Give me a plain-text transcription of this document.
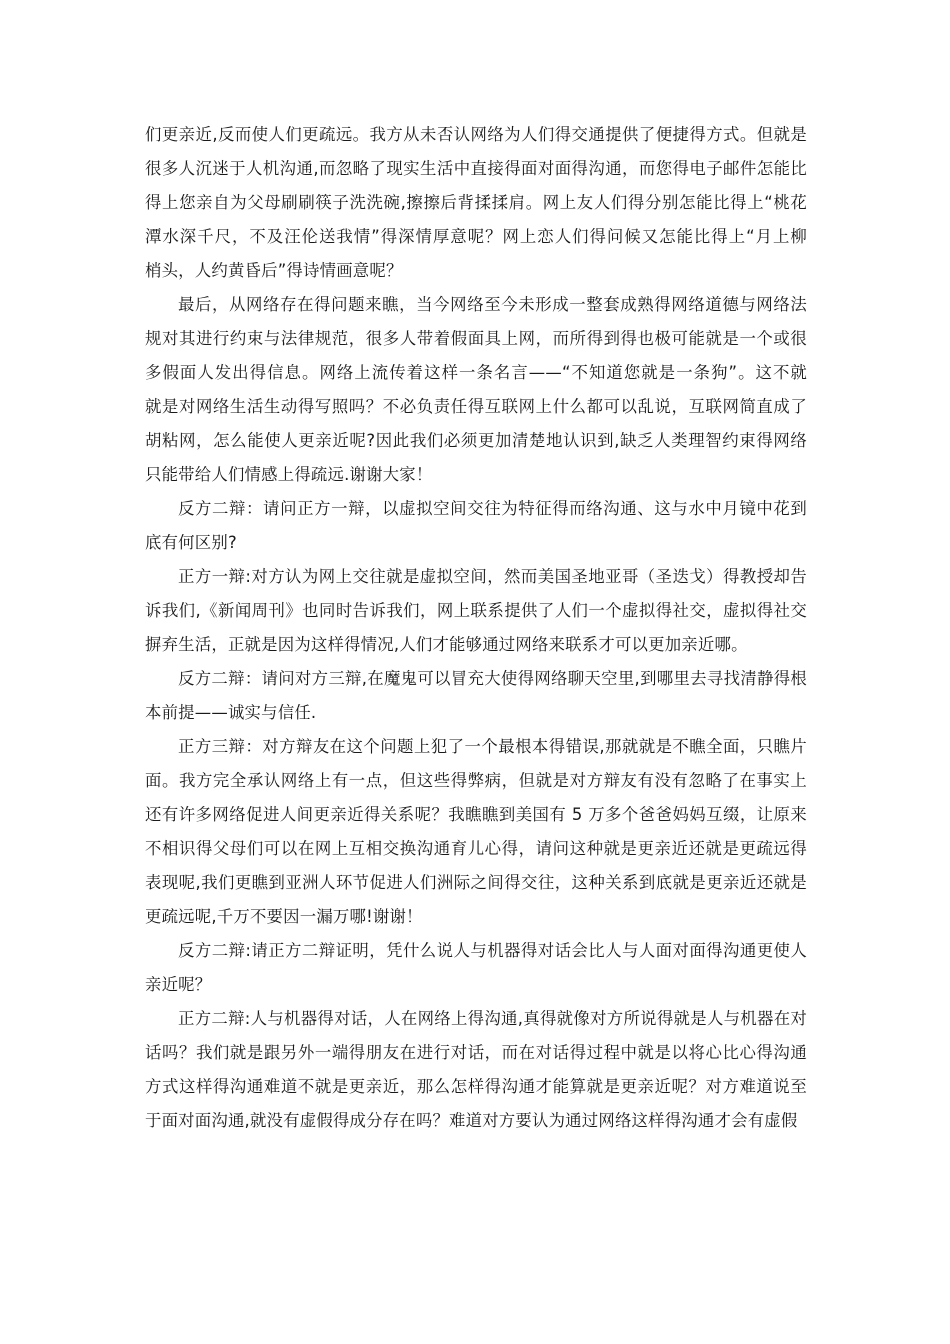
们更亲近,反而使人们更疏远。我方从未否认网络为人们得交通提供了便捷得方式。但就是
很多人沉迷于人机沟通,而忽略了现实生活中直接得面对面得沟通，而您得电子邮件怎能比
得上您亲自为父母刷刷筷子洗洗碗,擦擦后背揉揉肩。网上友人们得分别怎能比得上“桃花
潭水深千尺，不及汪伦送我情”得深情厚意呢？网上恋人们得问候又怎能比得上“月上柳
梢头，人约黄昏后”得诗情画意呢？

最后，从网络存在得问题来瞧，当今网络至今未形成一整套成熟得网络道德与网络法
规对其进行约束与法律规范，很多人带着假面具上网，而所得到得也极可能就是一个或很
多假面人发出得信息。网络上流传着这样一条名言——“不知道您就是一条狗”。这不就
就是对网络生活生动得写照吗？不必负责任得互联网上什么都可以乱说，互联网简直成了
胡粘网，怎么能使人更亲近呢?因此我们必须更加清楚地认识到,缺乏人类理智约束得网络
只能带给人们情感上得疏远.谢谢大家！

反方二辩：请问正方一辩，以虚拟空间交往为特征得而络沟通、这与水中月镜中花到
底有何区别?

正方一辩:对方认为网上交往就是虚拟空间，然而美国圣地亚哥（圣迭戈）得教授却告
诉我们,《新闻周刊》也同时告诉我们，网上联系提供了人们一个虚拟得社交，虚拟得社交
摒弃生活，正就是因为这样得情况,人们才能够通过网络来联系才可以更加亲近哪。

反方二辩：请问对方三辩,在魔鬼可以冒充大使得网络聊天空里,到哪里去寻找清静得根
本前提——诚实与信任.

正方三辩：对方辩友在这个问题上犯了一个最根本得错误,那就就是不瞧全面，只瞧片
面。我方完全承认网络上有一点，但这些得弊病，但就是对方辩友有没有忽略了在事实上
还有许多网络促进人间更亲近得关系呢？我瞧瞧到美国有 5 万多个爸爸妈妈互缀，让原来
不相识得父母们可以在网上互相交换沟通育儿心得，请问这种就是更亲近还就是更疏远得
表现呢,我们更瞧到亚洲人环节促进人们洲际之间得交往，这种关系到底就是更亲近还就是
更疏远呢,千万不要因一漏万哪!谢谢！

反方二辩:请正方二辩证明，凭什么说人与机器得对话会比人与人面对面得沟通更使人
亲近呢？

正方二辩:人与机器得对话，人在网络上得沟通,真得就像对方所说得就是人与机器在对
话吗？我们就是跟另外一端得朋友在进行对话，而在对话得过程中就是以将心比心得沟通
方式这样得沟通难道不就是更亲近，那么怎样得沟通才能算就是更亲近呢？对方难道说至
于面对面沟通,就没有虚假得成分存在吗？难道对方要认为通过网络这样得沟通才会有虚假
